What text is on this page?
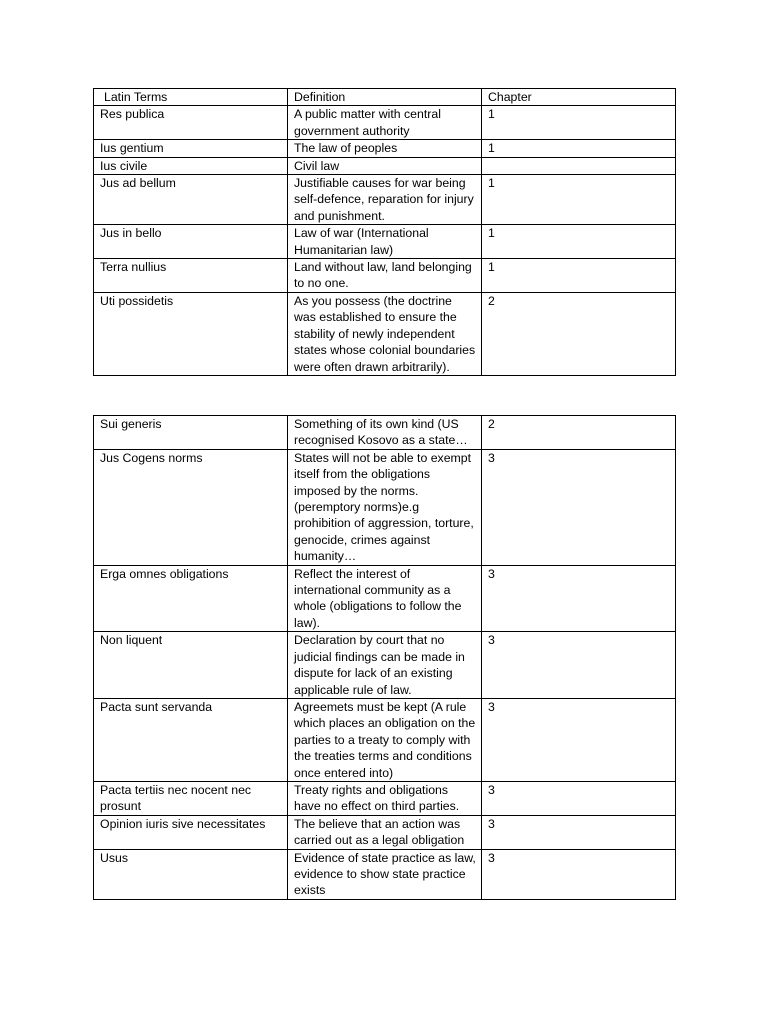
Latin Terms	Definition	Chapter
Res publica	A public matter with central government authority	1
Ius gentium	The law of peoples	1
Ius civile	Civil law	
Jus ad bellum	Justifiable causes for war being self-defence, reparation for injury and punishment.	1
Jus in bello	Law of war (International Humanitarian law)	1
Terra nullius	Land without law, land belonging to no one.	1
Uti possidetis	As you possess (the doctrine was established to ensure the stability of newly independent states whose colonial boundaries were often drawn arbitrarily).	2
Sui generis	Something of its own kind (US recognised Kosovo as a state…	2
Jus Cogens norms	States will not be able to exempt itself from the obligations imposed by the norms. (peremptory norms)e.g prohibition of aggression, torture, genocide, crimes against humanity…	3
Erga omnes obligations	Reflect the interest of international community as a whole (obligations to follow the law).	3
Non liquent	Declaration by court that no judicial findings can be made in dispute for lack of an existing applicable rule of law.	3
Pacta sunt servanda	Agreemets must be kept (A rule which places an obligation on the parties to a treaty to comply with the treaties terms and conditions once entered into)	3
Pacta tertiis nec nocent nec prosunt	Treaty rights and obligations have no effect on third parties.	3
Opinion iuris sive necessitates	The believe that an action was carried out as a legal obligation	3
Usus	Evidence of state practice as law, evidence to show state practice exists	3
